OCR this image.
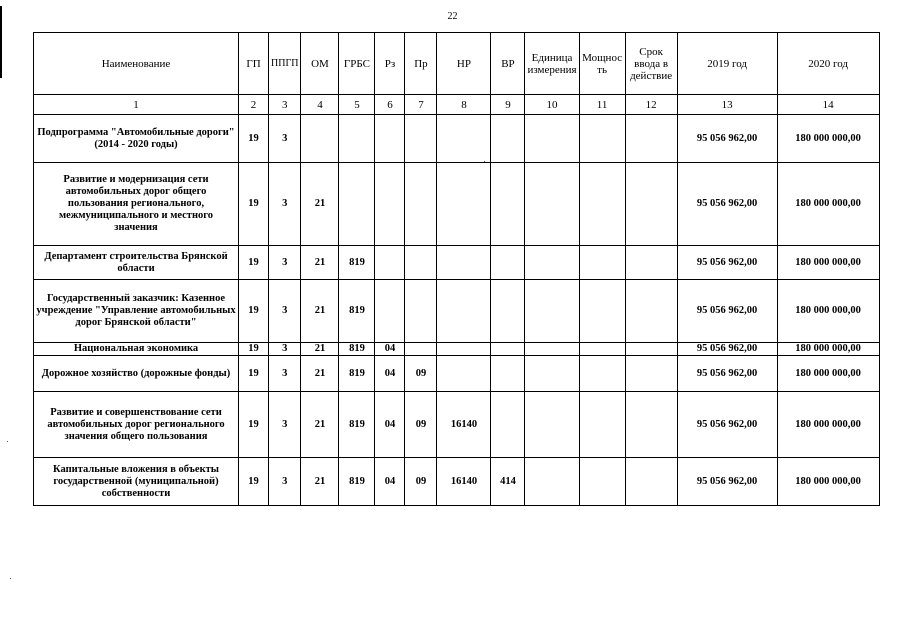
22
Наименование	ГП	ППГП	ОМ	ГРБС	Рз	Пр	НР	ВР	Единица измерения	Мощность	Срок ввода в действие	2019 год	2020 год
1	2	3	4	5	6	7	8	9	10	11	12	13	14
Подпрограмма "Автомобильные дороги" (2014 - 2020 годы)	19	3										95 056 962,00	180 000 000,00
Развитие и модернизация сети автомобильных дорог общего пользования регионального, межмуниципального и местного значения	19	3	21									95 056 962,00	180 000 000,00
Департамент строительства Брянской области	19	3	21	819								95 056 962,00	180 000 000,00
Государственный заказчик: Казенное учреждение "Управление автомобильных дорог Брянской области"	19	3	21	819								95 056 962,00	180 000 000,00
Национальная экономика	19	3	21	819	04							95 056 962,00	180 000 000,00
Дорожное хозяйство (дорожные фонды)	19	3	21	819	04	09						95 056 962,00	180 000 000,00
Развитие и совершенствование сети автомобильных дорог регионального значения общего пользования	19	3	21	819	04	09	16140					95 056 962,00	180 000 000,00
Капитальные вложения в объекты государственной (муниципальной) собственности	19	3	21	819	04	09	16140	414				95 056 962,00	180 000 000,00
